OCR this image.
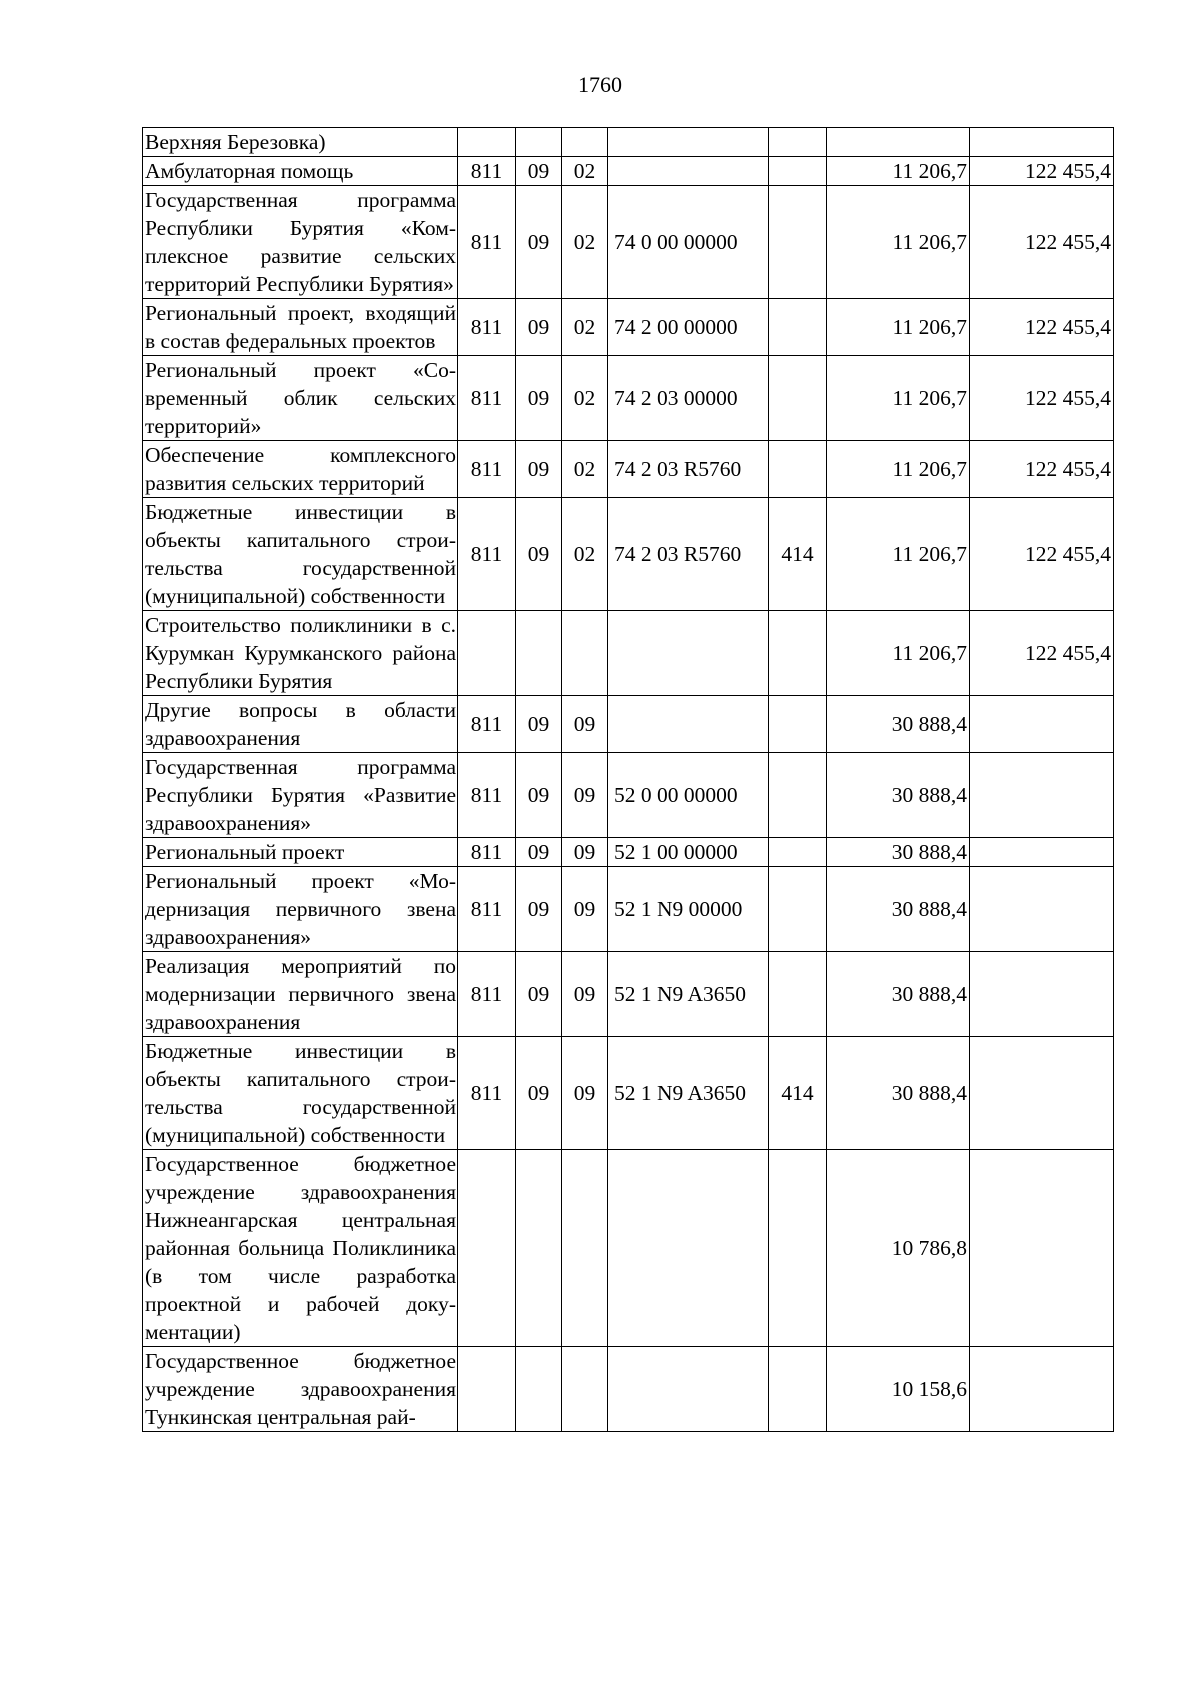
1760
Верхняя Березовка)							
Амбулаторная помощь	811	09	02			11 206,7	122 455,4
Государственная программа Республики Бурятия «Комплексное развитие сельских территорий Республики Бурятия»	811	09	02	74 0 00 00000		11 206,7	122 455,4
Региональный проект, входящий в состав федеральных проектов	811	09	02	74 2 00 00000		11 206,7	122 455,4
Региональный проект «Современный облик сельских территорий»	811	09	02	74 2 03 00000		11 206,7	122 455,4
Обеспечение комплексного развития сельских территорий	811	09	02	74 2 03 R5760		11 206,7	122 455,4
Бюджетные инвестиции в объекты капитального строительства государственной (муниципальной) собственности	811	09	02	74 2 03 R5760	414	11 206,7	122 455,4
Строительство поликлиники в с. Курумкан Курумканского района Республики Бурятия						11 206,7	122 455,4
Другие вопросы в области здравоохранения	811	09	09			30 888,4	
Государственная программа Республики Бурятия «Развитие здравоохранения»	811	09	09	52 0 00 00000		30 888,4	
Региональный проект	811	09	09	52 1 00 00000		30 888,4	
Региональный проект «Модернизация первичного звена здравоохранения»	811	09	09	52 1 N9 00000		30 888,4	
Реализация мероприятий по модернизации первичного звена здравоохранения	811	09	09	52 1 N9 A3650		30 888,4	
Бюджетные инвестиции в объекты капитального строительства государственной (муниципальной) собственности	811	09	09	52 1 N9 A3650	414	30 888,4	
Государственное бюджетное учреждение здравоохранения Нижнеангарская центральная районная больница Поликлиника (в том числе разработка проектной и рабочей документации)						10 786,8	
Государственное бюджетное учреждение здравоохранения Тункинская центральная рай-						10 158,6	
